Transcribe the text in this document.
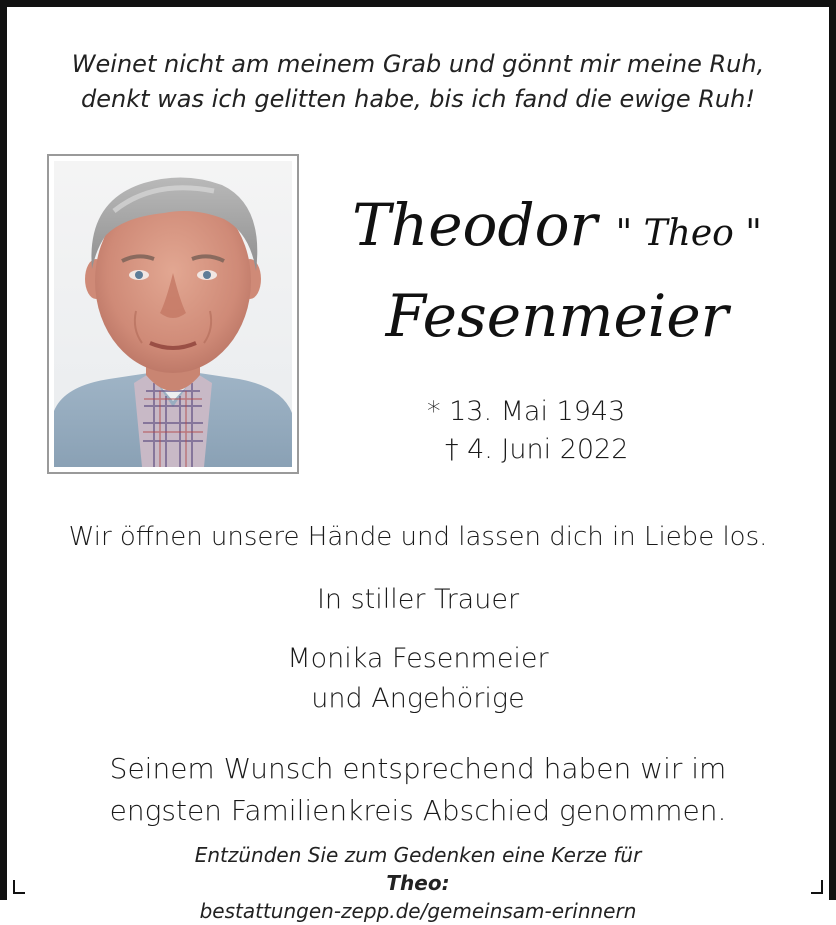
Weinet nicht am meinem Grab und gönnt mir meine Ruh,
denkt was ich gelitten habe, bis ich fand die ewige Ruh!
Theodor " Theo "
Fesenmeier
* 13. Mai 1943
† 4. Juni 2022
Wir öffnen unsere Hände und lassen dich in Liebe los.
In stiller Trauer
Monika Fesenmeier
und Angehörige
Seinem Wunsch entsprechend haben wir im
engsten Familienkreis Abschied genommen.
Entzünden Sie zum Gedenken eine Kerze für
Theo:
bestattungen-zepp.de/gemeinsam-erinnern
